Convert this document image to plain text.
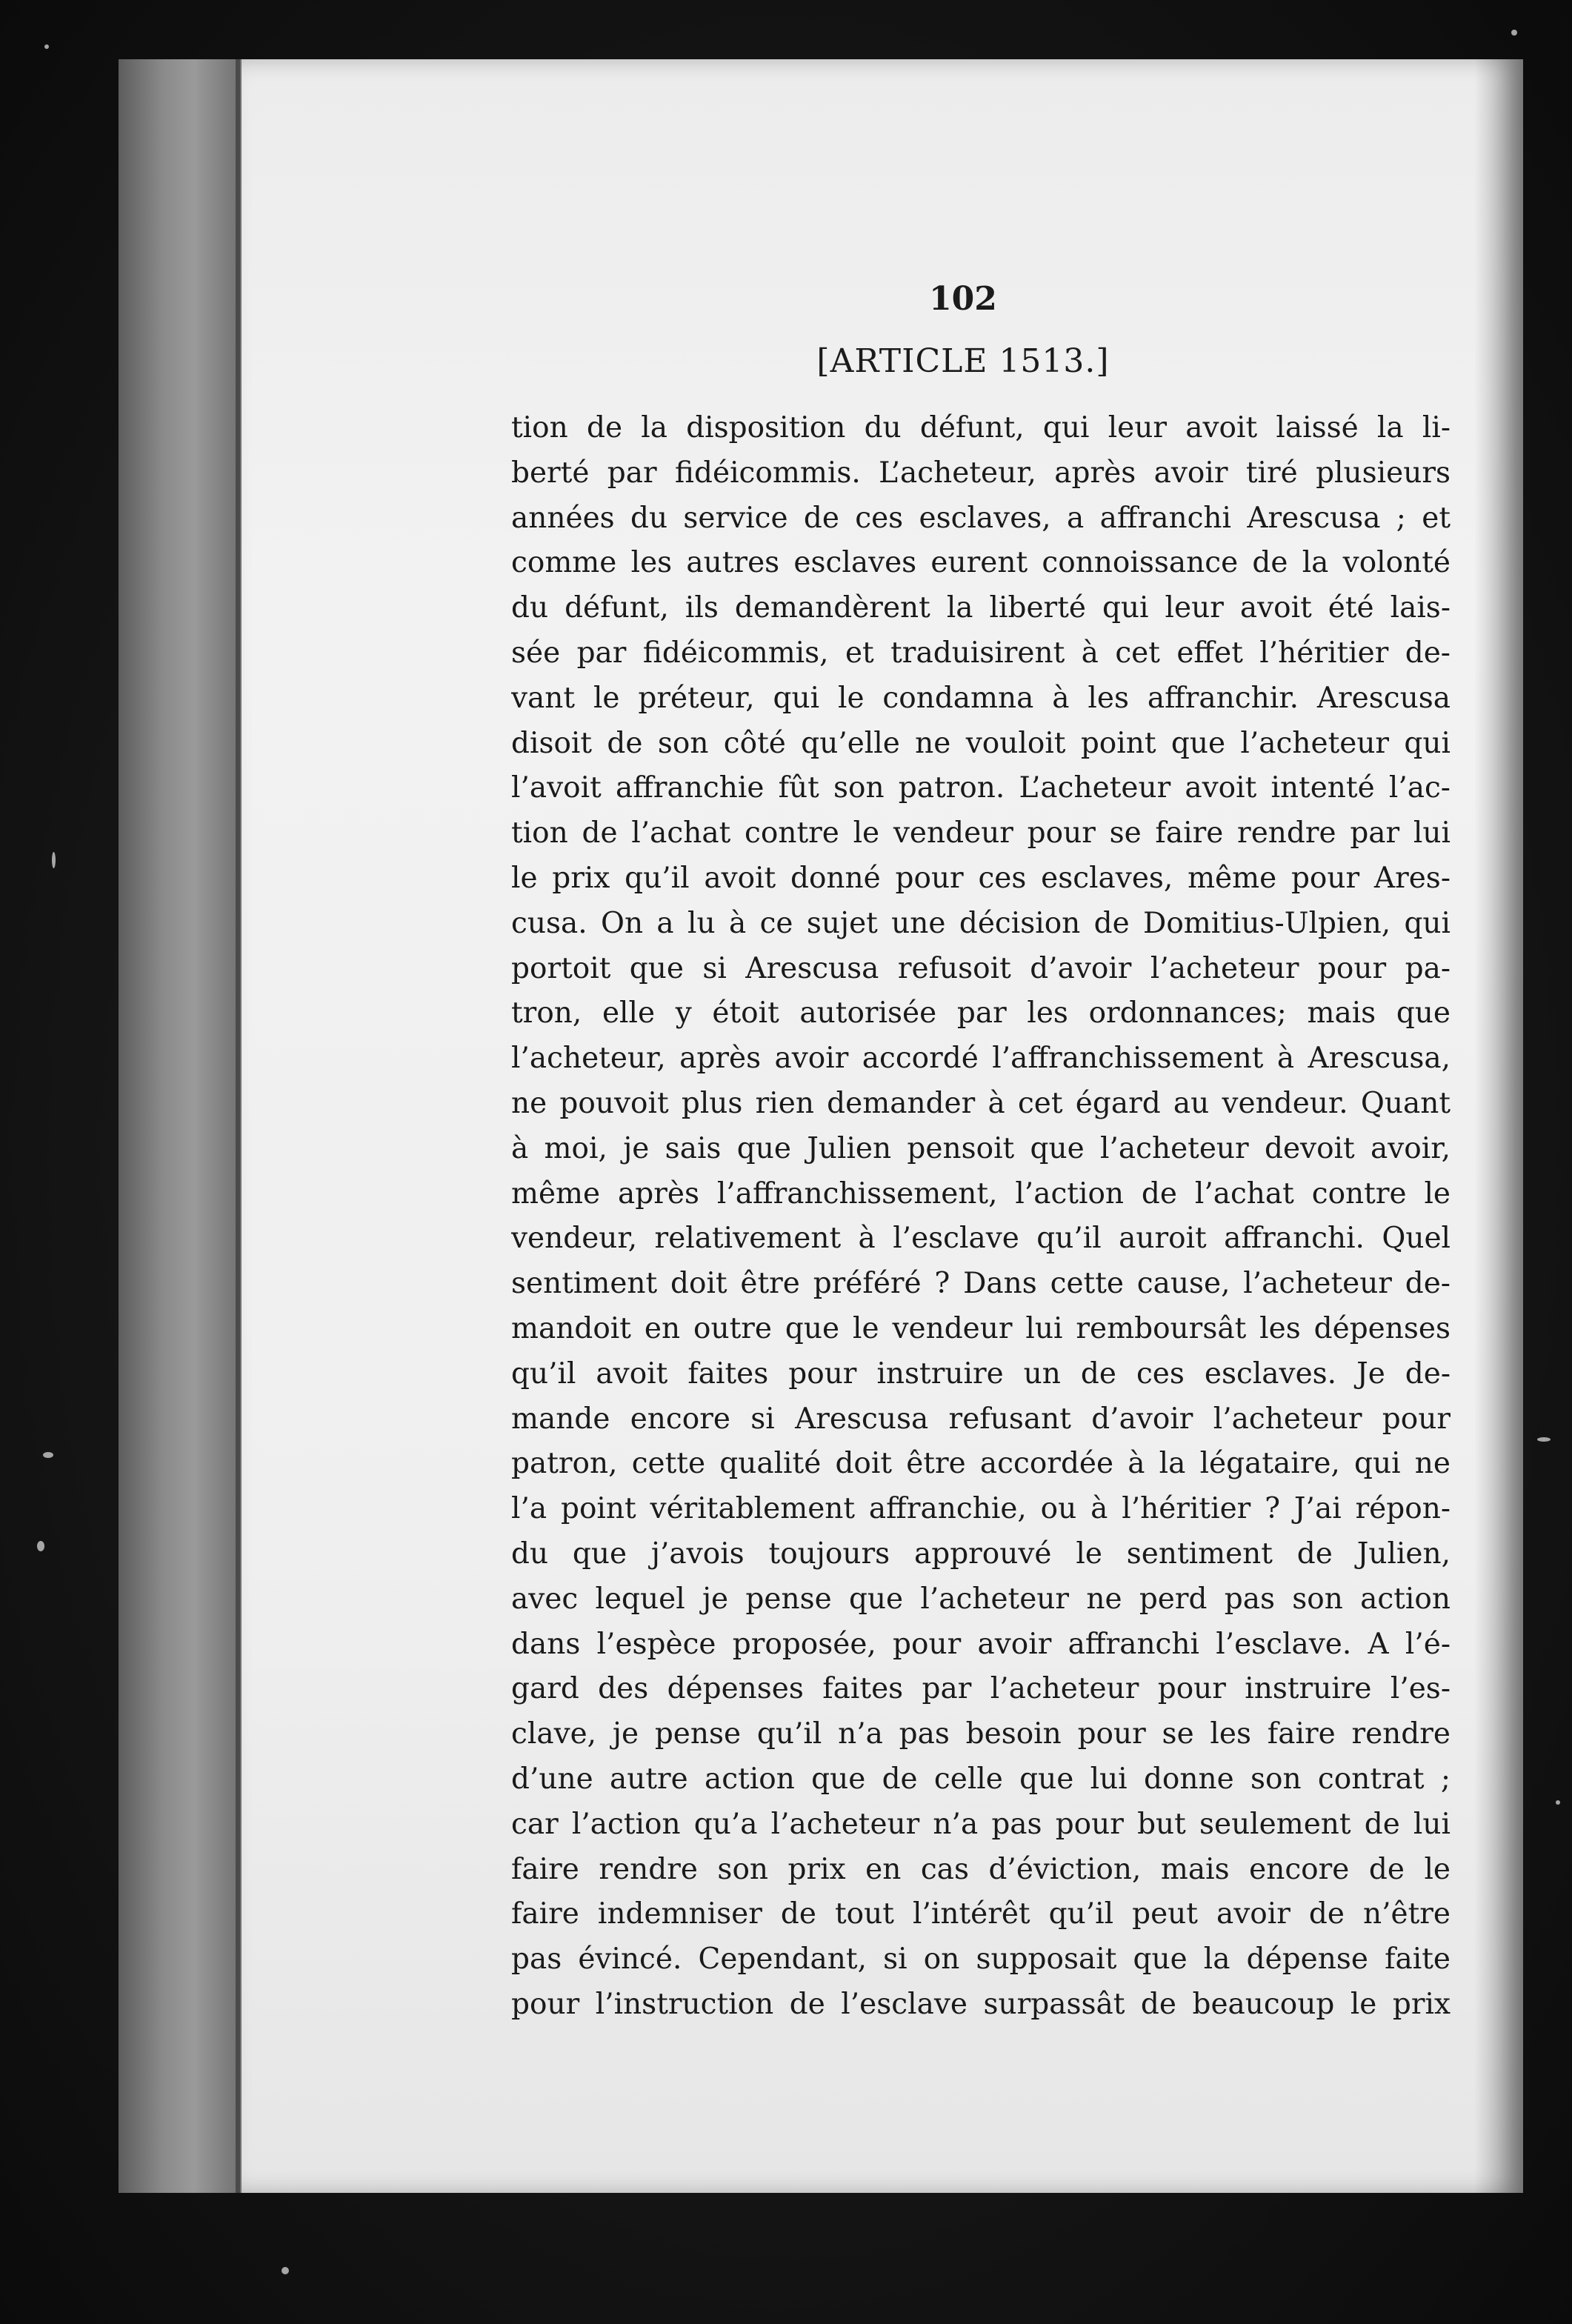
102
[ARTICLE 1513.]
tion de la disposition du défunt, qui leur avoit laissé la li-
berté par fidéicommis. L’acheteur, après avoir tiré plusieurs
années du service de ces esclaves, a affranchi Arescusa ; et
comme les autres esclaves eurent connoissance de la volonté
du défunt, ils demandèrent la liberté qui leur avoit été lais-
sée par fidéicommis, et traduisirent à cet effet l’héritier de-
vant le préteur, qui le condamna à les affranchir. Arescusa
disoit de son côté qu’elle ne vouloit point que l’acheteur qui
l’avoit affranchie fût son patron. L’acheteur avoit intenté l’ac-
tion de l’achat contre le vendeur pour se faire rendre par lui
le prix qu’il avoit donné pour ces esclaves, même pour Ares-
cusa. On a lu à ce sujet une décision de Domitius-Ulpien, qui
portoit que si Arescusa refusoit d’avoir l’acheteur pour pa-
tron, elle y étoit autorisée par les ordonnances; mais que
l’acheteur, après avoir accordé l’affranchissement à Arescusa,
ne pouvoit plus rien demander à cet égard au vendeur. Quant
à moi, je sais que Julien pensoit que l’acheteur devoit avoir,
même après l’affranchissement, l’action de l’achat contre le
vendeur, relativement à l’esclave qu’il auroit affranchi. Quel
sentiment doit être préféré ? Dans cette cause, l’acheteur de-
mandoit en outre que le vendeur lui remboursât les dépenses
qu’il avoit faites pour instruire un de ces esclaves. Je de-
mande encore si Arescusa refusant d’avoir l’acheteur pour
patron, cette qualité doit être accordée à la légataire, qui ne
l’a point véritablement affranchie, ou à l’héritier ? J’ai répon-
du que j’avois toujours approuvé le sentiment de Julien,
avec lequel je pense que l’acheteur ne perd pas son action
dans l’espèce proposée, pour avoir affranchi l’esclave. A l’é-
gard des dépenses faites par l’acheteur pour instruire l’es-
clave, je pense qu’il n’a pas besoin pour se les faire rendre
d’une autre action que de celle que lui donne son contrat ;
car l’action qu’a l’acheteur n’a pas pour but seulement de lui
faire rendre son prix en cas d’éviction, mais encore de le
faire indemniser de tout l’intérêt qu’il peut avoir de n’être
pas évincé. Cependant, si on supposait que la dépense faite
pour l’instruction de l’esclave surpassât de beaucoup le prix
